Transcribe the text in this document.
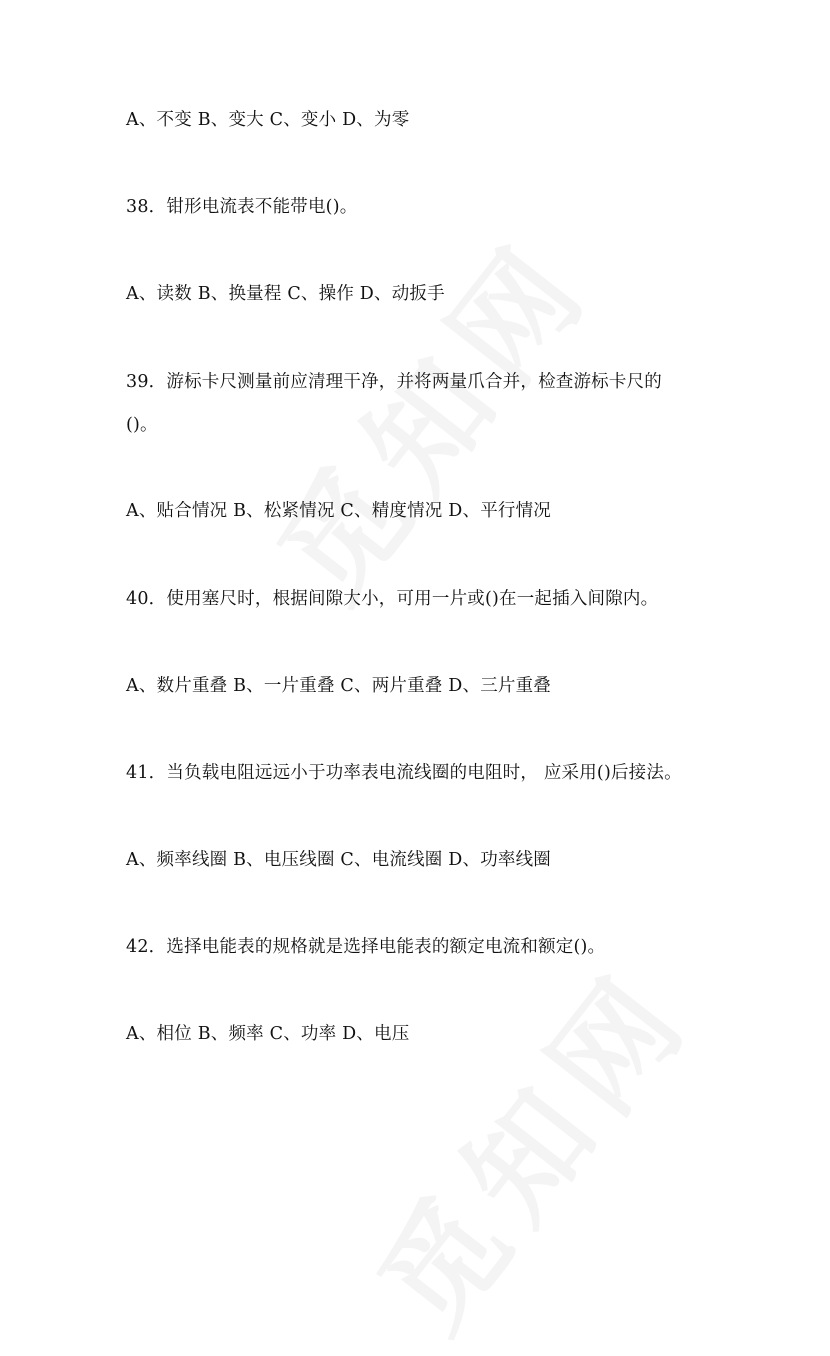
A、不变 B、变大 C、变小 D、为零
38．钳形电流表不能带电()。
A、读数 B、换量程 C、操作 D、动扳手
39．游标卡尺测量前应清理干净，并将两量爪合并，检查游标卡尺的
()。
A、贴合情况 B、松紧情况 C、精度情况 D、平行情况
40．使用塞尺时，根据间隙大小，可用一片或()在一起插入间隙内。
A、数片重叠 B、一片重叠 C、两片重叠 D、三片重叠
41．当负载电阻远远小于功率表电流线圈的电阻时， 应采用()后接法。
A、频率线圈 B、电压线圈 C、电流线圈 D、功率线圈
42．选择电能表的规格就是选择电能表的额定电流和额定()。
A、相位 B、频率 C、功率 D、电压
